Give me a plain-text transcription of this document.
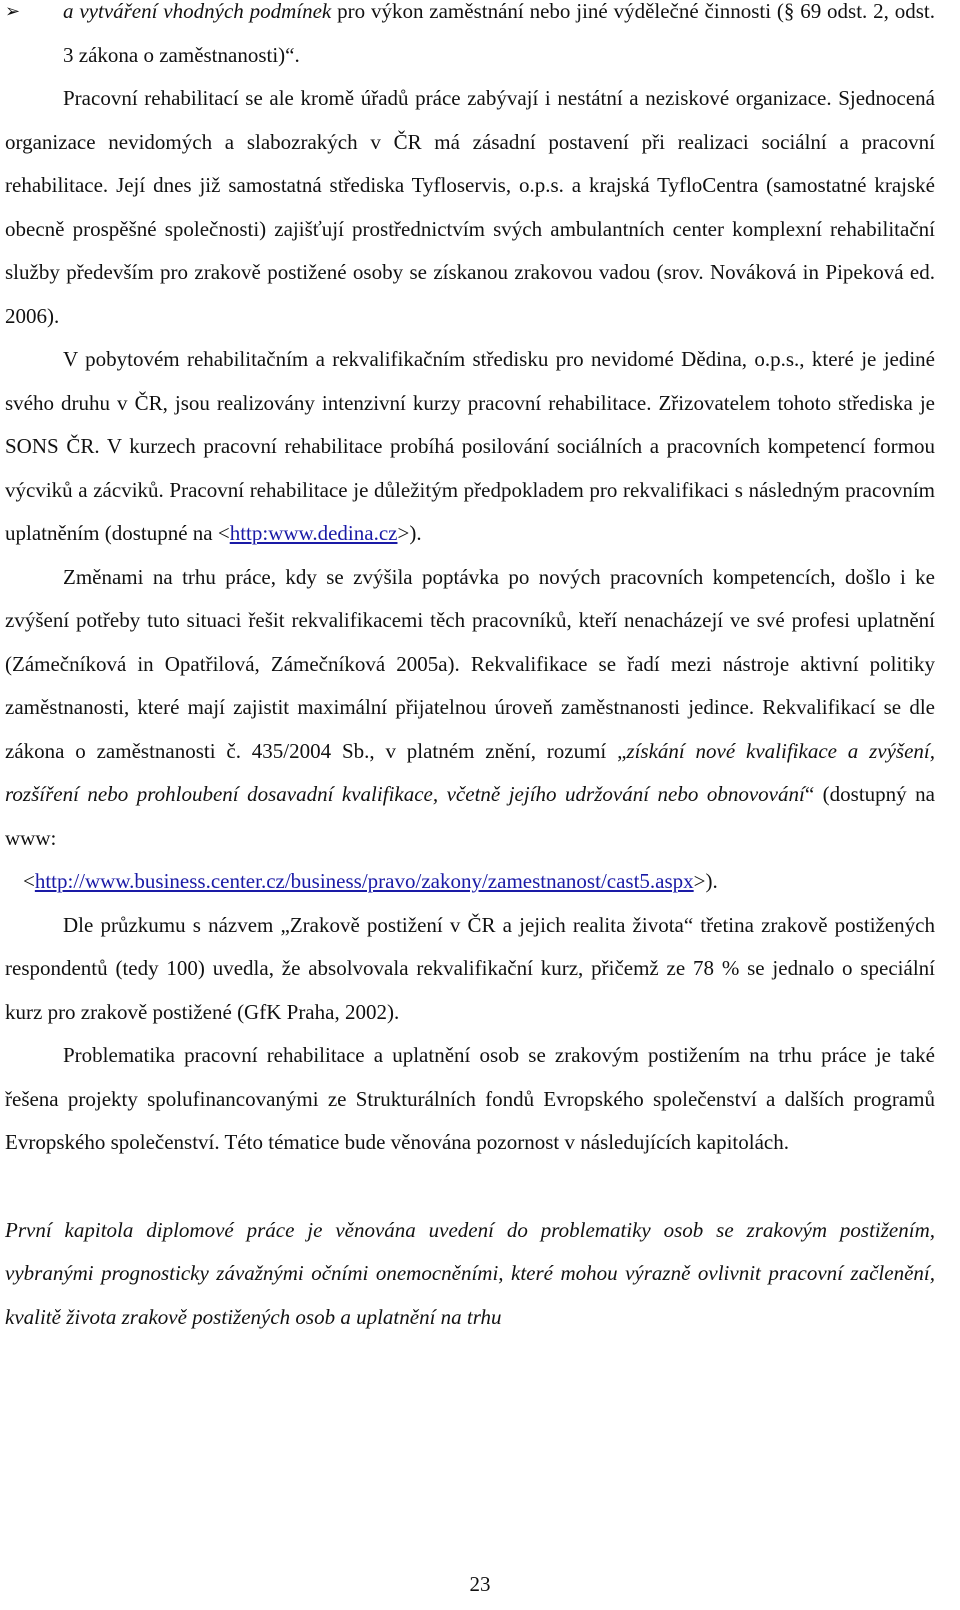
➢	a vytváření vhodných podmínek pro výkon zaměstnání nebo jiné výdělečné činnosti (§ 69 odst. 2, odst. 3 zákona o zaměstnanosti)“.

Pracovní rehabilitací se ale kromě úřadů práce zabývají i nestátní a neziskové organizace. Sjednocená organizace nevidomých a slabozrakých v ČR má zásadní postavení při realizaci sociální a pracovní rehabilitace. Její dnes již samostatná střediska Tyfloservis, o.p.s. a krajská TyfloCentra (samostatné krajské obecně prospěšné společnosti) zajišťují prostřednictvím svých ambulantních center komplexní rehabilitační služby především pro zrakově postižené osoby se získanou zrakovou vadou (srov. Nováková in Pipeková ed. 2006).

V pobytovém rehabilitačním a rekvalifikačním středisku pro nevidomé Dědina, o.p.s., které je jediné svého druhu v ČR, jsou realizovány intenzivní kurzy pracovní rehabilitace. Zřizovatelem tohoto střediska je SONS ČR. V kurzech pracovní rehabilitace probíhá posilování sociálních a pracovních kompetencí formou výcviků a zácviků. Pracovní rehabilitace je důležitým předpokladem pro rekvalifikaci s následným pracovním uplatněním (dostupné na <http:www.dedina.cz>).

Změnami na trhu práce, kdy se zvýšila poptávka po nových pracovních kompetencích, došlo i ke zvýšení potřeby tuto situaci řešit rekvalifikacemi těch pracovníků, kteří nenacházejí ve své profesi uplatnění (Zámečníková in Opatřilová, Zámečníková 2005a). Rekvalifikace se řadí mezi nástroje aktivní politiky zaměstnanosti, které mají zajistit maximální přijatelnou úroveň zaměstnanosti jedince. Rekvalifikací se dle zákona o zaměstnanosti č. 435/2004 Sb., v platném znění, rozumí „získání nové kvalifikace a zvýšení, rozšíření nebo prohloubení dosavadní kvalifikace, včetně jejího udržování nebo obnovování“ (dostupný na www:

<http://www.business.center.cz/business/pravo/zakony/zamestnanost/cast5.aspx>).

Dle průzkumu s názvem „Zrakově postižení v ČR a jejich realita života“ třetina zrakově postižených respondentů (tedy 100) uvedla, že absolvovala rekvalifikační kurz, přičemž ze 78 % se jednalo o speciální kurz pro zrakově postižené (GfK Praha, 2002).

Problematika pracovní rehabilitace a uplatnění osob se zrakovým postižením na trhu práce je také řešena projekty spolufinancovanými ze Strukturálních fondů Evropského společenství a dalších programů Evropského společenství. Této tématice bude věnována pozornost v následujících kapitolách.

První kapitola diplomové práce je věnována uvedení do problematiky osob se zrakovým postižením, vybranými prognosticky závažnými očními onemocněními, které mohou výrazně ovlivnit pracovní začlenění, kvalitě života zrakově postižených osob a uplatnění na trhu

23
